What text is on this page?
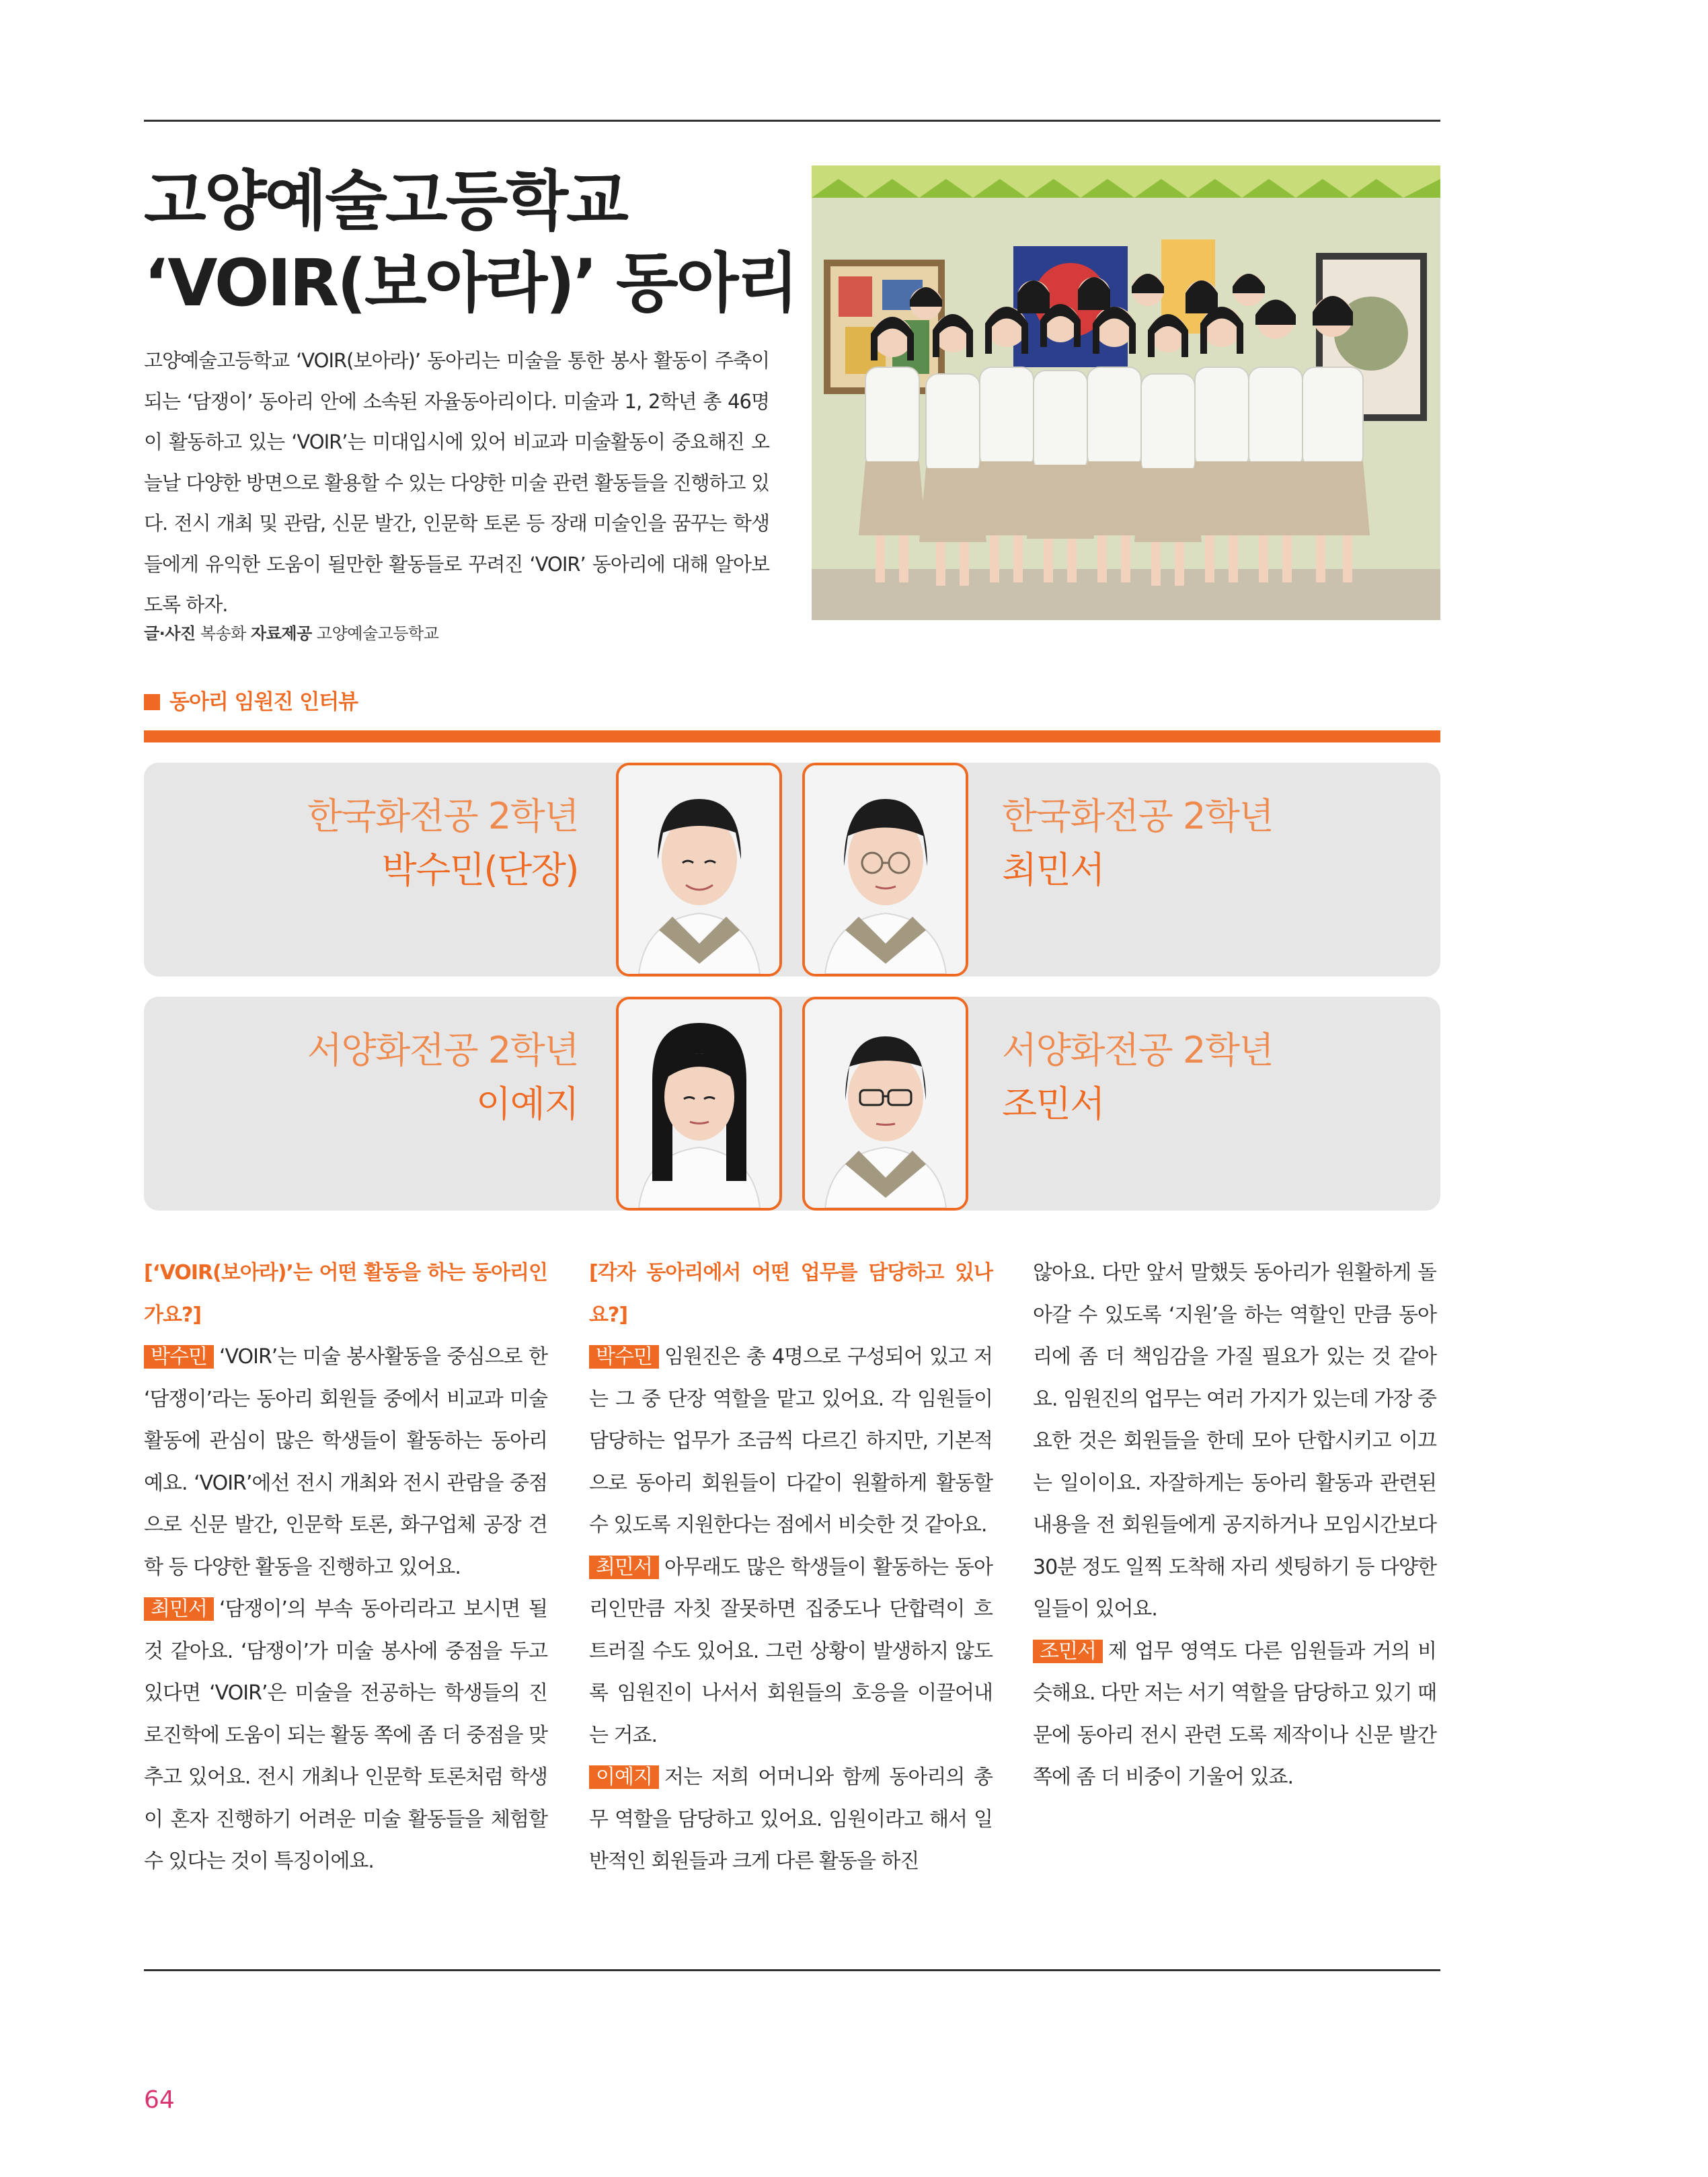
고양예술고등학교
‘VOIR(보아라)’ 동아리

고양예술고등학교 ‘VOIR(보아라)’ 동아리는 미술을 통한 봉사 활동이 주축이 되는 ‘담쟁이’ 동아리 안에 소속된 자율동아리이다. 미술과 1, 2학년 총 46명이 활동하고 있는 ‘VOIR’는 미대입시에 있어 비교과 미술활동이 중요해진 오늘날 다양한 방면으로 활용할 수 있는 다양한 미술 관련 활동들을 진행하고 있다. 전시 개최 및 관람, 신문 발간, 인문학 토론 등 장래 미술인을 꿈꾸는 학생들에게 유익한 도움이 될만한 활동들로 꾸려진 ‘VOIR’ 동아리에 대해 알아보도록 하자.

글·사진 복송화 자료제공 고양예술고등학교
동아리 임원진 인터뷰
한국화전공 2학년
박수민(단장)
한국화전공 2학년
최민서
서양화전공 2학년
이예지
서양화전공 2학년
조민서
[‘VOIR(보아라)’는 어떤 활동을 하는 동아리인가요?]
박수민 ‘VOIR’는 미술 봉사활동을 중심으로 한 ‘담쟁이’라는 동아리 회원들 중에서 비교과 미술활동에 관심이 많은 학생들이 활동하는 동아리예요. ‘VOIR’에선 전시 개최와 전시 관람을 중점으로 신문 발간, 인문학 토론, 화구업체 공장 견학 등 다양한 활동을 진행하고 있어요.
최민서 ‘담쟁이’의 부속 동아리라고 보시면 될 것 같아요. ‘담쟁이’가 미술 봉사에 중점을 두고 있다면 ‘VOIR’은 미술을 전공하는 학생들의 진로진학에 도움이 되는 활동 쪽에 좀 더 중점을 맞추고 있어요. 전시 개최나 인문학 토론처럼 학생이 혼자 진행하기 어려운 미술 활동들을 체험할 수 있다는 것이 특징이에요.
[각자 동아리에서 어떤 업무를 담당하고 있나요?]
박수민 임원진은 총 4명으로 구성되어 있고 저는 그 중 단장 역할을 맡고 있어요. 각 임원들이 담당하는 업무가 조금씩 다르긴 하지만, 기본적으로 동아리 회원들이 다같이 원활하게 활동할 수 있도록 지원한다는 점에서 비슷한 것 같아요.
최민서 아무래도 많은 학생들이 활동하는 동아리인만큼 자칫 잘못하면 집중도나 단합력이 흐트러질 수도 있어요. 그런 상황이 발생하지 않도록 임원진이 나서서 회원들의 호응을 이끌어내는 거죠.
이예지 저는 저희 어머니와 함께 동아리의 총무 역할을 담당하고 있어요. 임원이라고 해서 일반적인 회원들과 크게 다른 활동을 하진
않아요. 다만 앞서 말했듯 동아리가 원활하게 돌아갈 수 있도록 ‘지원’을 하는 역할인 만큼 동아리에 좀 더 책임감을 가질 필요가 있는 것 같아요. 임원진의 업무는 여러 가지가 있는데 가장 중요한 것은 회원들을 한데 모아 단합시키고 이끄는 일이이요. 자잘하게는 동아리 활동과 관련된 내용을 전 회원들에게 공지하거나 모임시간보다 30분 정도 일찍 도착해 자리 셋팅하기 등 다양한 일들이 있어요.
조민서 제 업무 영역도 다른 임원들과 거의 비슷해요. 다만 저는 서기 역할을 담당하고 있기 때문에 동아리 전시 관련 도록 제작이나 신문 발간 쪽에 좀 더 비중이 기울어 있죠.
64
